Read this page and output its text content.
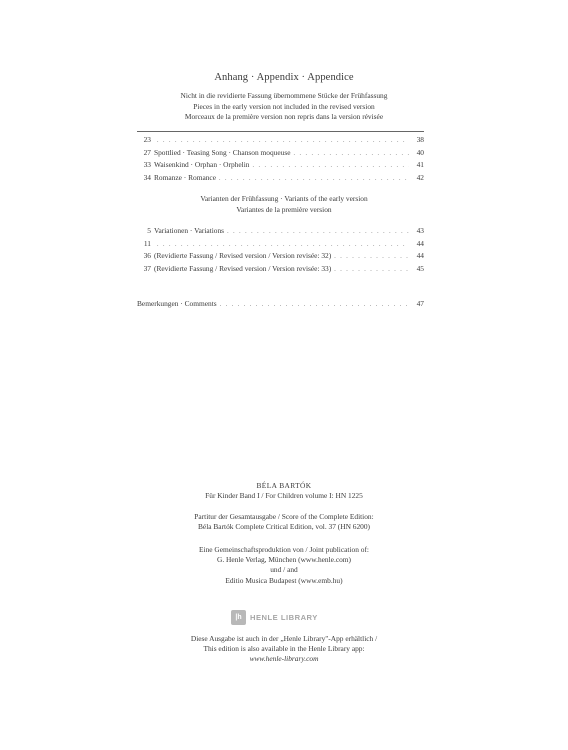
Anhang · Appendix · Appendice
Nicht in die revidierte Fassung übernommene Stücke der Frühfassung
Pieces in the early version not included in the revised version
Morceaux de la première version non repris dans la version révisée
23 . . .	38
27 Spottlied · Teasing Song · Chanson moqueuse . . .	40
33 Waisenkind · Orphan · Orphelin . . .	41
34 Romanze · Romance . . .	42
Varianten der Frühfassung · Variants of the early version
Variantes de la première version
5 Variationen · Variations . . .	43
11 . . .	44
36 (Revidierte Fassung / Revised version / Version revisée: 32) . . .	44
37 (Revidierte Fassung / Revised version / Version revisée: 33) . . .	45
Bemerkungen · Comments . . .	47
BÉLA BARTÓK
Für Kinder Band I / For Children volume I: HN 1225
Partitur der Gesamtausgabe / Score of the Complete Edition:
Béla Bartók Complete Critical Edition, vol. 37 (HN 6200)
Eine Gemeinschaftsproduktion von / Joint publication of:
G. Henle Verlag, München (www.henle.com)
und / and
Editio Musica Budapest (www.emb.hu)
|h	HENLE LIBRARY
Diese Ausgabe ist auch in der „Henle Library"-App erhältlich /
This edition is also available in the Henle Library app:
www.henle-library.com
